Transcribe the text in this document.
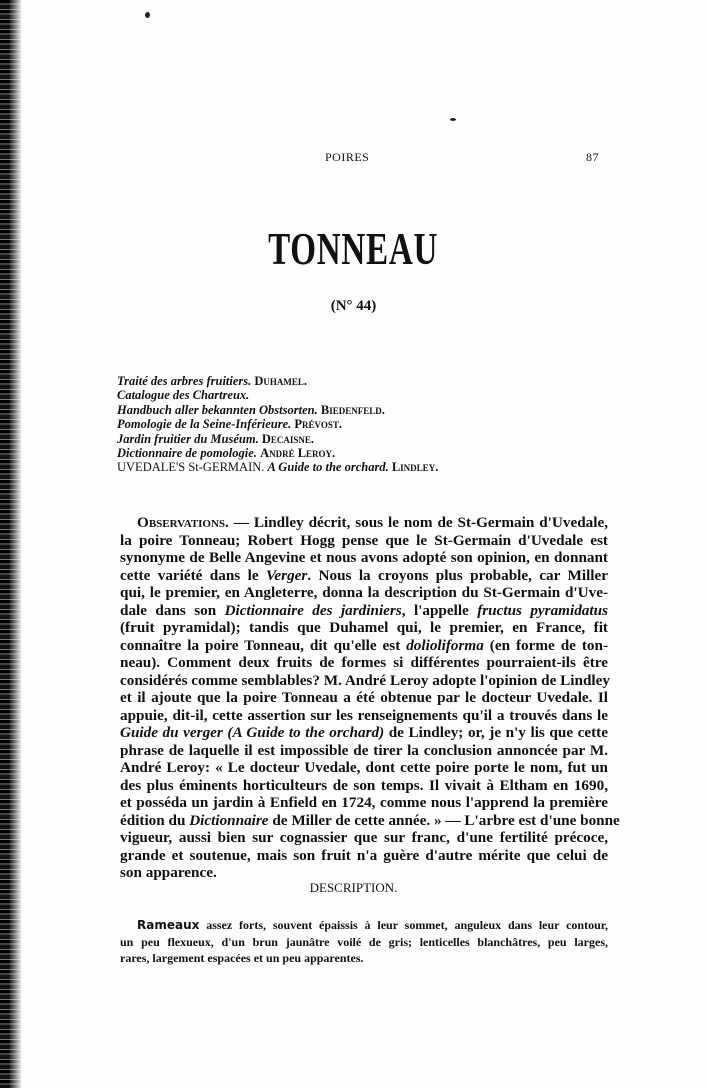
POIRES	87
TONNEAU
(N° 44)
Traité des arbres fruitiers. Duhamel.
Catalogue des Chartreux.
Handbuch aller bekannten Obstsorten. Biedenfeld.
Pomologie de la Seine-Inférieure. Prévost.
Jardin fruitier du Muséum. Decaisne.
Dictionnaire de pomologie. André Leroy.
UVEDALE'S St-GERMAIN. A Guide to the orchard. Lindley.
Observations. — Lindley décrit, sous le nom de St-Germain d'Uvedale,
la poire Tonneau; Robert Hogg pense que le St-Germain d'Uvedale est
synonyme de Belle Angevine et nous avons adopté son opinion, en donnant
cette variété dans le Verger. Nous la croyons plus probable, car Miller
qui, le premier, en Angleterre, donna la description du St-Germain d'Uve-
dale dans son Dictionnaire des jardiniers, l'appelle fructus pyramidatus
(fruit pyramidal); tandis que Duhamel qui, le premier, en France, fit
connaître la poire Tonneau, dit qu'elle est dolioliforma (en forme de ton-
neau). Comment deux fruits de formes si différentes pourraient-ils être
considérés comme semblables? M. André Leroy adopte l'opinion de Lindley
et il ajoute que la poire Tonneau a été obtenue par le docteur Uvedale. Il
appuie, dit-il, cette assertion sur les renseignements qu'il a trouvés dans le
Guide du verger (A Guide to the orchard) de Lindley; or, je n'y lis que cette
phrase de laquelle il est impossible de tirer la conclusion annoncée par M.
André Leroy: « Le docteur Uvedale, dont cette poire porte le nom, fut un
des plus éminents horticulteurs de son temps. Il vivait à Eltham en 1690,
et posséda un jardin à Enfield en 1724, comme nous l'apprend la première
édition du Dictionnaire de Miller de cette année. » — L'arbre est d'une bonne
vigueur, aussi bien sur cognassier que sur franc, d'une fertilité précoce,
grande et soutenue, mais son fruit n'a guère d'autre mérite que celui de
son apparence.
DESCRIPTION.
Rameaux assez forts, souvent épaissis à leur sommet, anguleux dans leur contour,
un peu flexueux, d'un brun jaunâtre voilé de gris; lenticelles blanchâtres, peu larges,
rares, largement espacées et un peu apparentes.
